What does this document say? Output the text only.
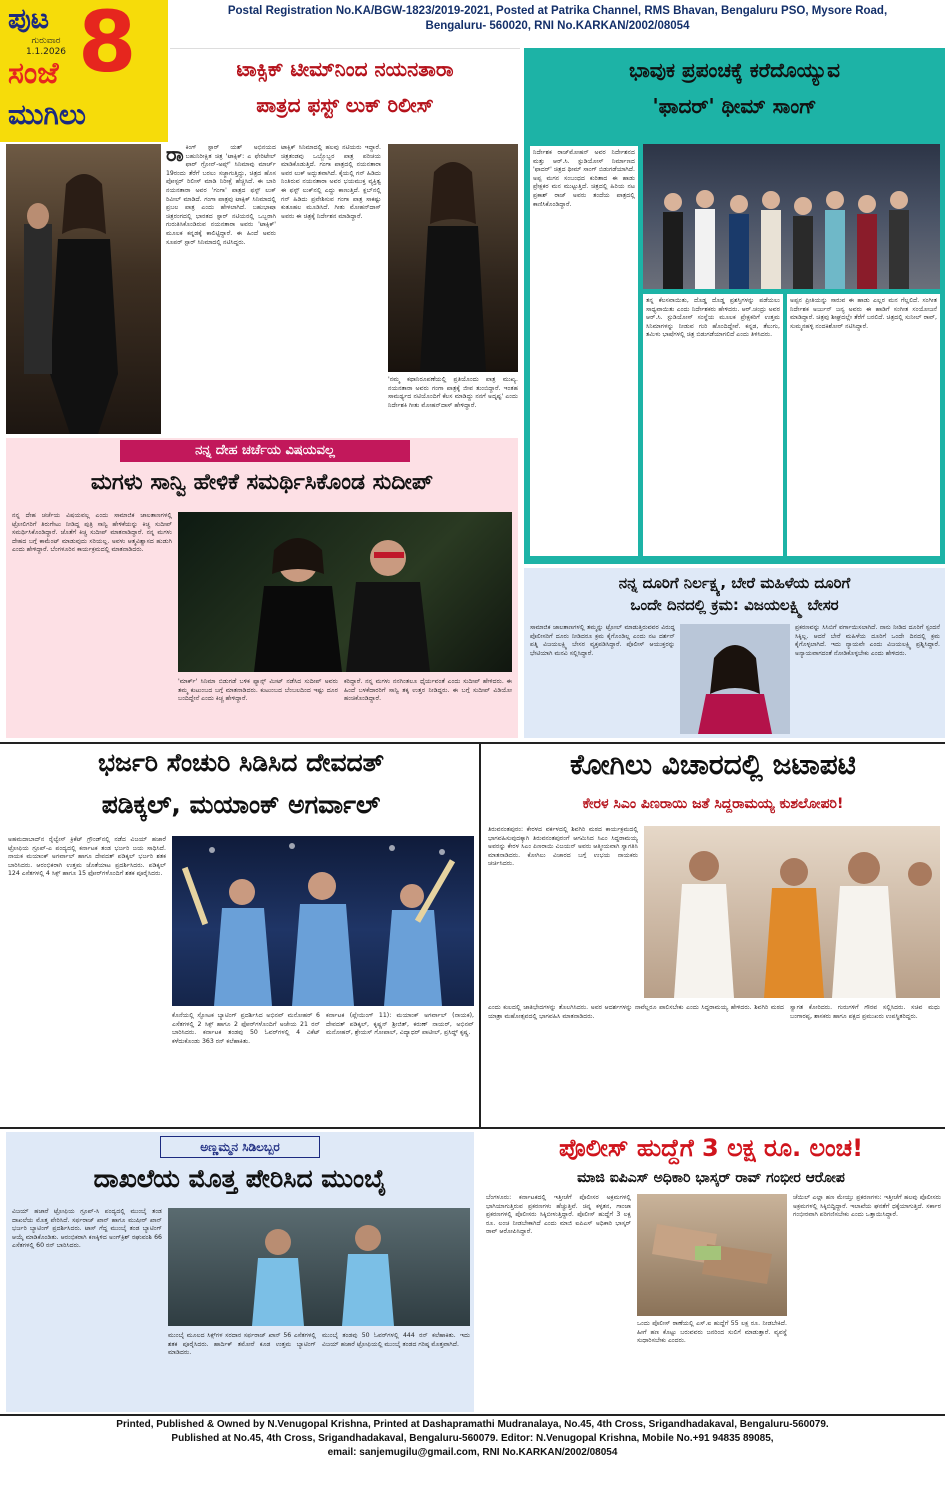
ಪುಟ 8
ಗುರುವಾರ
1.1.2026
ಸಂಜೆ
ಮುಗಿಲು
Postal Registration No.KA/BGW-1823/2019-2021, Posted at Patrika Channel, RMS Bhavan, Bengaluru PSO, Mysore Road,
Bengaluru- 560020, RNI No.KARKAN/2002/08054
ಟಾಕ್ಸಿಕ್ ಟೀಮ್‌ನಿಂದ ನಯನತಾರಾ
ಪಾತ್ರದ ಫಸ್ಟ್ ಲುಕ್ ರಿಲೀಸ್
ರಾ ಕಿಂಗ್ ಸ್ಟಾರ್ ಯಶ್ ಅಭಿನಯದ ಬಹುನಿರೀಕ್ಷಿತ ಚಿತ್ರ 'ಟಾಕ್ಸಿಕ್: ಎ ಫೇರಿಟೇಲ್ ಫಾರ್ ಗ್ರೋನ್-ಅಪ್ಸ್' ಸಿನಿಮಾವು ಮಾರ್ಚ್ 19ರಂದು ತೆರೆಗೆ ಬರಲು ಸಜ್ಜಾಗುತ್ತಿದ್ದು, ಚಿತ್ರದ ಹೊಸ ಪೋಸ್ಟರ್ ರಿಲೀಸ್ ಮಾಡಿ ನಿರೀಕ್ಷೆ ಹೆಚ್ಚಿಸಿದೆ. ಈ ಬಾರಿ ನಯನತಾರಾ ಅವರ 'ಗಂಗಾ' ಪಾತ್ರದ ಫಸ್ಟ್ ಲುಕ್ ರಿವೀಲ್ ಮಾಡಿದೆ. ಗಂಗಾ ಪಾತ್ರವು ಟಾಕ್ಸಿಕ್ ಸಿನಿಮಾದಲ್ಲಿ ಪ್ರಬಲ ಪಾತ್ರ ಎಂದು ಹೇಳಲಾಗಿದೆ. ಬಹುಭಾಷಾ ಚಿತ್ರರಂಗದಲ್ಲಿ ಭಾರತದ ಸ್ಟಾರ್ ನಟಿಯರಲ್ಲಿ ಒಬ್ಬರಾಗಿ ಗುರುತಿಸಿಕೊಂಡಿರುವ ನಯನತಾರಾ ಅವರು 'ಟಾಕ್ಸಿಕ್' ಮೂಲಕ ಕನ್ನಡಕ್ಕೆ ಕಾಲಿಟ್ಟಿದ್ದಾರೆ. ಈ ಹಿಂದೆ ಅವರು ಸೂಪರ್ ಸ್ಟಾರ್ ಸಿನಿಮಾದಲ್ಲಿ ನಟಿಸಿದ್ದರು.
ಟಾಕ್ಸಿಕ್ ಸಿನಿಮಾದಲ್ಲಿ ಹಲವು ನಟಿಯರು ಇದ್ದಾರೆ. ಚಿತ್ರತಂಡವು ಒಬ್ಬೊಬ್ಬರ ಪಾತ್ರ ಪರಿಚಯ ಮಾಡಿಕೊಡುತ್ತಿದೆ. ಗಂಗಾ ಪಾತ್ರದಲ್ಲಿ ನಯನತಾರಾ ಅವರ ಲುಕ್ ಅದ್ಭುತವಾಗಿದೆ. ಕೈಯಲ್ಲಿ ಗನ್ ಹಿಡಿದು ನಿಂತಿರುವ ನಯನತಾರಾ ಅವರ ಭಯಮುಕ್ತ ವ್ಯಕ್ತಿತ್ವ ಈ ಫಸ್ಟ್ ಲುಕ್‌ನಲ್ಲಿ ಎದ್ದು ಕಾಣುತ್ತಿದೆ. ಕ್ಲಬ್‌ನಲ್ಲಿ ಗನ್ ಹಿಡಿದು ಪ್ರವೇಶಿಸುವ ಗಂಗಾ ಪಾತ್ರ ಸಾಕಷ್ಟು ಕುತೂಹಲ ಮೂಡಿಸಿದೆ. ಗೀತು ಮೋಹನ್‌ದಾಸ್ ಅವರು ಈ ಚಿತ್ರಕ್ಕೆ ನಿರ್ದೇಶನ ಮಾಡಿದ್ದಾರೆ.
'ನಮ್ಮ ಕಥಾನಿರೂಪಣೆಯಲ್ಲಿ ಪ್ರತಿಯೊಂದು ಪಾತ್ರ ಮುಖ್ಯ. ನಯನತಾರಾ ಅವರು ಗಂಗಾ ಪಾತ್ರಕ್ಕೆ ಜೀವ ತುಂಬಿದ್ದಾರೆ. ಇಂತಹ ಸಾಮರ್ಥ್ಯದ ನಟಿಯೊಂದಿಗೆ ಕೆಲಸ ಮಾಡಿದ್ದು ನನಗೆ ಅದೃಷ್ಟ' ಎಂದು ನಿರ್ದೇಶಕಿ ಗೀತು ಮೋಹನ್‌ದಾಸ್ ಹೇಳಿದ್ದಾರೆ.
ಭಾವುಕ ಪ್ರಪಂಚಕ್ಕೆ ಕರೆದೊಯ್ಯುವ
'ಫಾದರ್' ಥೀಮ್ ಸಾಂಗ್
ನಿರ್ದೇಶಕ ರಾಜ್‌ಮೋಹನ್ ಅವರ ನಿರ್ದೇಶನದ ಮತ್ತು ಆರ್.ಸಿ. ಸ್ಟುಡಿಯೋಸ್ ನಿರ್ಮಾಣದ 'ಫಾದರ್' ಚಿತ್ರದ ಥೀಮ್ ಸಾಂಗ್ ಬಿಡುಗಡೆಯಾಗಿದೆ. ಅಪ್ಪ ಮಗನ ಸಂಬಂಧದ ಕುರಿತಾದ ಈ ಹಾಡು ಪ್ರೇಕ್ಷಕರ ಮನ ಮುಟ್ಟುತ್ತಿದೆ. ಚಿತ್ರದಲ್ಲಿ ಹಿರಿಯ ನಟ ಪ್ರಕಾಶ್ ರಾಜ್ ಅವರು ತಂದೆಯ ಪಾತ್ರದಲ್ಲಿ ಕಾಣಿಸಿಕೊಂಡಿದ್ದಾರೆ.
ತನ್ನ ಕೆಲಸವಾಯಿತು, ದೊಡ್ಡ ದೊಡ್ಡ ಪ್ರಶಸ್ತಿಗಳನ್ನು ಪಡೆಯಲು ಸಾಧ್ಯವಾಯಿತು ಎಂದು ನಿರ್ದೇಶಕರು ಹೇಳಿದರು. ಆರ್.ಚಂದ್ರು ಅವರ ಆರ್.ಸಿ. ಸ್ಟುಡಿಯೋಸ್ ಸಂಸ್ಥೆಯ ಮೂಲಕ ಪ್ರೇಕ್ಷಕರಿಗೆ ಉತ್ತಮ ಸಿನಿಮಾಗಳನ್ನು ನೀಡುವ ಗುರಿ ಹೊಂದಿದ್ದೇವೆ. ಕನ್ನಡ, ತೆಲುಗು, ತಮಿಳು ಭಾಷೆಗಳಲ್ಲಿ ಚಿತ್ರ ಬಿಡುಗಡೆಯಾಗಲಿದೆ ಎಂದು ತಿಳಿಸಿದರು.
ಅಪ್ಪನ ಪ್ರೀತಿಯನ್ನು ಸಾರುವ ಈ ಹಾಡು ಎಲ್ಲರ ಮನ ಗೆಲ್ಲಲಿದೆ. ಸಂಗೀತ ನಿರ್ದೇಶಕ ಅರ್ಜುನ್ ಜನ್ಯ ಅವರು ಈ ಹಾಡಿಗೆ ಸಂಗೀತ ಸಂಯೋಜನೆ ಮಾಡಿದ್ದಾರೆ. ಚಿತ್ರವು ಶೀಘ್ರದಲ್ಲೇ ತೆರೆಗೆ ಬರಲಿದೆ. ಚಿತ್ರದಲ್ಲಿ ಸುನೀಲ್ ರಾವ್, ಸುಮ್ಮನಹಳ್ಳಿ ನಂದಕಿಶೋರ್ ನಟಿಸಿದ್ದಾರೆ.
ನನ್ನ ದೇಹ ಚರ್ಚೆಯ ವಿಷಯವಲ್ಲ
ಮಗಳು ಸಾನ್ವಿ ಹೇಳಿಕೆ ಸಮರ್ಥಿಸಿಕೊಂಡ ಸುದೀಪ್
ನನ್ನ ದೇಹ ಚರ್ಚೆಯ ವಿಷಯವಲ್ಲ ಎಂದು ಸಾಮಾಜಿಕ ಜಾಲತಾಣಗಳಲ್ಲಿ ಟ್ರೋಲಿಗರಿಗೆ ತಿರುಗೇಟು ನೀಡಿದ್ದ ಪುತ್ರಿ ಸಾನ್ವಿ ಹೇಳಿಕೆಯನ್ನು ಕಿಚ್ಚ ಸುದೀಪ್ ಸಮರ್ಥಿಸಿಕೊಂಡಿದ್ದಾರೆ. ಜೊತೆಗೆ ಕಿಚ್ಚ ಸುದೀಪ್ ಮಾತನಾಡಿದ್ದಾರೆ. ನನ್ನ ಮಗಳು ದೇಹದ ಬಗ್ಗೆ ಕಾಮೆಂಟ್ ಮಾಡುವುದು ಸರಿಯಲ್ಲ. ಅವಳು ಆತ್ಮವಿಶ್ವಾಸದ ಹುಡುಗಿ ಎಂದು ಹೇಳಿದ್ದಾರೆ. ಬೆಂಗಳೂರಿನ ಕಾರ್ಯಕ್ರಮದಲ್ಲಿ ಮಾತನಾಡಿದರು.
'ಮಾರ್ಕ್' ಸಿನಿಮಾ ಬಿಡುಗಡೆ ಬಳಿಕ ಫ್ಯಾನ್ಸ್ ಮೀಟ್ ನಡೆಸಿದ ಸುದೀಪ್ ಅವರು ತಮ್ಮ ಕುಟುಂಬದ ಬಗ್ಗೆ ಮಾತನಾಡಿದರು. ಕುಟುಂಬದ ಬೆಂಬಲದಿಂದ ಇಷ್ಟು ದೂರ ಬಂದಿದ್ದೇನೆ ಎಂದು ಕಿಚ್ಚ ಹೇಳಿದ್ದಾರೆ.
ಕರಿದ್ದಾರೆ. ನನ್ನ ಮಗಳು ನನಗಿಂತಲೂ ಧೈರ್ಯವಂತೆ ಎಂದು ಸುದೀಪ್ ಹೇಳಿದರು. ಈ ಹಿಂದೆ ಬಳಕೆದಾರರಿಗೆ ಸಾನ್ವಿ ತಕ್ಕ ಉತ್ತರ ನೀಡಿದ್ದರು. ಈ ಬಗ್ಗೆ ಸುದೀಪ್ ವಿಡಿಯೋ ಹಂಚಿಕೊಂಡಿದ್ದಾರೆ.
ನನ್ನ ದೂರಿಗೆ ನಿರ್ಲಕ್ಷ್ಯ, ಬೇರೆ ಮಹಿಳೆಯ ದೂರಿಗೆ
ಒಂದೇ ದಿನದಲ್ಲಿ ಕ್ರಮ: ವಿಜಯಲಕ್ಷ್ಮಿ ಬೇಸರ
ಸಾಮಾಜಿಕ ಜಾಲತಾಣಗಳಲ್ಲಿ ತಮ್ಮನ್ನು ಟ್ರೋಲ್ ಮಾಡುತ್ತಿರುವವರ ವಿರುದ್ಧ ಪೊಲೀಸರಿಗೆ ದೂರು ನೀಡಿದರೂ ಕ್ರಮ ಕೈಗೊಂಡಿಲ್ಲ ಎಂದು ನಟ ದರ್ಶನ್ ಪತ್ನಿ ವಿಜಯಲಕ್ಷ್ಮಿ ಬೇಸರ ವ್ಯಕ್ತಪಡಿಸಿದ್ದಾರೆ. ಪೊಲೀಸ್ ಆಯುಕ್ತರನ್ನು ಭೇಟಿಯಾಗಿ ಮನವಿ ಸಲ್ಲಿಸಿದ್ದಾರೆ.
ಪ್ರಕರಣವನ್ನು ಸಿಸಿಬಿಗೆ ವರ್ಗಾಯಿಸಲಾಗಿದೆ. ನಾನು ನೀಡಿದ ದೂರಿಗೆ ಸ್ಪಂದನೆ ಸಿಕ್ಕಿಲ್ಲ. ಆದರೆ ಬೇರೆ ಮಹಿಳೆಯ ದೂರಿಗೆ ಒಂದೇ ದಿನದಲ್ಲಿ ಕ್ರಮ ಕೈಗೊಳ್ಳಲಾಗಿದೆ. ಇದು ನ್ಯಾಯವೇ ಎಂದು ವಿಜಯಲಕ್ಷ್ಮಿ ಪ್ರಶ್ನಿಸಿದ್ದಾರೆ. ಅನ್ಯಾಯವಾಗದಂತೆ ನೋಡಿಕೊಳ್ಳಬೇಕು ಎಂದು ಹೇಳಿದರು.
ಭರ್ಜರಿ ಸೆಂಚುರಿ ಸಿಡಿಸಿದ ದೇವದತ್
ಪಡಿಕ್ಕಲ್, ಮಯಾಂಕ್ ಅಗರ್ವಾಲ್
ಅಹಮದಾಬಾದ್‌ನ ರೈಲ್ವೇಸ್ ಕ್ರಿಕೆಟ್ ಗ್ರೌಂಡ್‌ನಲ್ಲಿ ನಡೆದ ವಿಜಯ್ ಹಜಾರೆ ಟ್ರೋಫಿಯ ಗ್ರೂಪ್-ಎ ಪಂದ್ಯದಲ್ಲಿ ಕರ್ನಾಟಕ ತಂಡ ಭರ್ಜರಿ ಜಯ ಸಾಧಿಸಿದೆ. ನಾಯಕ ಮಯಾಂಕ್ ಅಗರ್ವಾಲ್ ಹಾಗೂ ದೇವದತ್ ಪಡಿಕ್ಕಲ್ ಭರ್ಜರಿ ಶತಕ ಬಾರಿಸಿದರು. ಆರಂಭಿಕರಾಗಿ ಉತ್ತಮ ಜೊತೆಯಾಟ ಪ್ರದರ್ಶಿಸಿದರು. ಪಡಿಕ್ಕಲ್ 124 ಎಸೆತಗಳಲ್ಲಿ 4 ಸಿಕ್ಸ್ ಹಾಗೂ 15 ಫೋರ್‌ಗಳೊಂದಿಗೆ ಶತಕ ಪೂರೈಸಿದರು.
ಕೊನೆಯಲ್ಲಿ ಸ್ಫೋಟಕ ಬ್ಯಾಟಿಂಗ್ ಪ್ರದರ್ಶಿಸಿದ ಅಭಿನವ್ ಮನೋಹರ್ 6 ಎಸೆತಗಳಲ್ಲಿ 2 ಸಿಕ್ಸ್ ಹಾಗೂ 2 ಫೋರ್‌ಗಳೊಂದಿಗೆ ಅಜೇಯ 21 ರನ್ ಬಾರಿಸಿದರು. ಕರ್ನಾಟಕ ತಂಡವು 50 ಓವರ್‌ಗಳಲ್ಲಿ 4 ವಿಕೆಟ್ ಕಳೆದುಕೊಂಡು 363 ರನ್ ಕಲೆಹಾಕಿತು.
ಕರ್ನಾಟಕ (ಪ್ಲೇಯಿಂಗ್ 11): ಮಯಾಂಕ್ ಅಗರ್ವಾಲ್ (ನಾಯಕ), ದೇವದತ್ ಪಡಿಕ್ಕಲ್, ಕೃಷ್ಣನ್ ಶ್ರೀಜಿತ್, ಕರುಣ್ ನಾಯರ್, ಅಭಿನವ್ ಮನೋಹರ್, ಶ್ರೇಯಸ್ ಗೋಪಾಲ್, ವಿದ್ಯಾಧರ್ ಪಾಟೀಲ್, ಪ್ರಸಿದ್ಧ್ ಕೃಷ್ಣ.
ಕೋಗಿಲು ವಿಚಾರದಲ್ಲಿ ಜಟಾಪಟಿ
ಕೇರಳ ಸಿಎಂ ಪಿಣರಾಯಿ ಜತೆ ಸಿದ್ದರಾಮಯ್ಯ ಕುಶಲೋಪರಿ!
ತಿರುವನಂತಪುರಂ: ಕೇರಳದ ವರ್ಕಳದಲ್ಲಿ ಶಿವಗಿರಿ ಮಠದ ಕಾರ್ಯಕ್ರಮದಲ್ಲಿ ಭಾಗವಹಿಸುವುದಕ್ಕಾಗಿ ತಿರುವನಂತಪುರಂಗೆ ಆಗಮಿಸಿದ ಸಿಎಂ ಸಿದ್ದರಾಮಯ್ಯ ಅವರನ್ನು ಕೇರಳ ಸಿಎಂ ಪಿಣರಾಯಿ ವಿಜಯನ್ ಅವರು ಆತ್ಮೀಯವಾಗಿ ಸ್ವಾಗತಿಸಿ ಮಾತನಾಡಿದರು. ಕೋಗಿಲು ವಿಚಾರದ ಬಗ್ಗೆ ಉಭಯ ನಾಯಕರು ಚರ್ಚಿಸಿದರು.
ಎಂದು ಕುಲದಲ್ಲಿ ಜಾತಿಭೇದಗಳನ್ನು ತೊಲಗಿಸಿದರು. ಅವರ ಆದರ್ಶಗಳನ್ನು ನಾವೆಲ್ಲರೂ ಪಾಲಿಸಬೇಕು ಎಂದು ಸಿದ್ದರಾಮಯ್ಯ ಹೇಳಿದರು. ಶಿವಗಿರಿ ಮಠದ ಯಾತ್ರಾ ಮಹೋತ್ಸವದಲ್ಲಿ ಭಾಗವಹಿಸಿ ಮಾತನಾಡಿದರು.
ಸ್ವಾಗತ ಕೋರಿದರು. ಗುರುಗಳಿಗೆ ಗೌರವ ಸಲ್ಲಿಸಿದರು. ಸಚಿವ ಮಧು ಬಂಗಾರಪ್ಪ, ಶಾಸಕರು ಹಾಗೂ ಪಕ್ಷದ ಪ್ರಮುಖರು ಉಪಸ್ಥಿತರಿದ್ದರು.
ಅಣ್ಣಮ್ಮನ ಸಿಡಿಲಬ್ಬರ
ದಾಖಲೆಯ ಮೊತ್ತ ಪೇರಿಸಿದ ಮುಂಬೈ
ವಿಜಯ್ ಹಜಾರೆ ಟ್ರೋಫಿಯ ಗ್ರೂಪ್-ಸಿ ಪಂದ್ಯದಲ್ಲಿ ಮುಂಬೈ ತಂಡ ದಾಖಲೆಯ ಮೊತ್ತ ಪೇರಿಸಿದೆ. ಸರ್ಫರಾಜ್ ಖಾನ್ ಹಾಗೂ ಮುಷೀರ್ ಖಾನ್ ಭರ್ಜರಿ ಬ್ಯಾಟಿಂಗ್ ಪ್ರದರ್ಶಿಸಿದರು. ಟಾಸ್ ಗೆದ್ದ ಮುಂಬೈ ತಂಡ ಬ್ಯಾಟಿಂಗ್ ಆಯ್ಕೆ ಮಾಡಿಕೊಂಡಿತು. ಆರಂಭಿಕರಾಗಿ ಕಣಕ್ಕಿಳಿದ ಅಂಗ್‌ಕ್ರಿಶ್ ರಘುವಂಶಿ 66 ಎಸೆತಗಳಲ್ಲಿ 60 ರನ್ ಬಾರಿಸಿದರು.
ಮುಂಬೈ ಮೂಲದ ಸಿಕ್ಸ್‌ಗಳ ಸರದಾರ ಸರ್ಫರಾಜ್ ಖಾನ್ 56 ಎಸೆತಗಳಲ್ಲಿ ಶತಕ ಪೂರೈಸಿದರು. ಹಾರ್ದಿಕ್ ತಮೋರೆ ಕೂಡ ಉತ್ತಮ ಬ್ಯಾಟಿಂಗ್ ಮಾಡಿದರು.
ಮುಂಬೈ ತಂಡವು 50 ಓವರ್‌ಗಳಲ್ಲಿ 444 ರನ್ ಕಲೆಹಾಕಿತು. ಇದು ವಿಜಯ್ ಹಜಾರೆ ಟ್ರೋಫಿಯಲ್ಲಿ ಮುಂಬೈ ತಂಡದ ಗರಿಷ್ಠ ಮೊತ್ತವಾಗಿದೆ.
ಪೊಲೀಸ್ ಹುದ್ದೆಗೆ 3 ಲಕ್ಷ ರೂ. ಲಂಚ!
ಮಾಜಿ ಐಪಿಎಸ್ ಅಧಿಕಾರಿ ಭಾಸ್ಕರ್ ರಾವ್ ಗಂಭೀರ ಆರೋಪ
ಬೆಂಗಳೂರು: ಕರ್ನಾಟಕದಲ್ಲಿ ಇತ್ತೀಚೆಗೆ ಪೊಲೀಸರ ಅಕ್ರಮಗಳಲ್ಲಿ ಭಾಗಿಯಾಗುತ್ತಿರುವ ಪ್ರಕರಣಗಳು ಹೆಚ್ಚುತ್ತಿವೆ. ಚಿನ್ನ ಕಳ್ಳತನ, ಗಾಂಜಾ ಪ್ರಕರಣಗಳಲ್ಲಿ ಪೊಲೀಸರು ಸಿಕ್ಕಿಬೀಳುತ್ತಿದ್ದಾರೆ. ಪೊಲೀಸ್ ಹುದ್ದೆಗೆ 3 ಲಕ್ಷ ರೂ. ಲಂಚ ನೀಡಬೇಕಾಗಿದೆ ಎಂದು ಮಾಜಿ ಐಪಿಎಸ್ ಅಧಿಕಾರಿ ಭಾಸ್ಕರ್ ರಾವ್ ಆರೋಪಿಸಿದ್ದಾರೆ.
ಒಂದು ಪೊಲೀಸ್ ಠಾಣೆಯಲ್ಲಿ ಎಸ್.ಐ ಹುದ್ದೆಗೆ 55 ಲಕ್ಷ ರೂ. ನೀಡಬೇಕಿದೆ. ಹೀಗೆ ಹಣ ಕೊಟ್ಟು ಬರುವವರು ಜನರಿಂದ ಸುಲಿಗೆ ಮಾಡುತ್ತಾರೆ. ವ್ಯವಸ್ಥೆ ಸುಧಾರಿಸಬೇಕು ಎಂದರು.
ಚೆಯಿಲ್ ಎಲ್ಲಾ ಹಣ ಮೇಯ್ತು ಪ್ರಕರಣಗಳು: ಇತ್ತೀಚೆಗೆ ಹಲವು ಪೊಲೀಸರು ಅಕ್ರಮಗಳಲ್ಲಿ ಸಿಕ್ಕಿಬಿದ್ದಿದ್ದಾರೆ. ಇಲಾಖೆಯ ಘನತೆಗೆ ಧಕ್ಕೆಯಾಗುತ್ತಿದೆ. ಸರ್ಕಾರ ಗಂಭೀರವಾಗಿ ಪರಿಗಣಿಸಬೇಕು ಎಂದು ಒತ್ತಾಯಿಸಿದ್ದಾರೆ.
Printed, Published & Owned by N.Venugopal Krishna, Printed at Dashapramathi Mudranalaya, No.45, 4th Cross, Srigandhadakaval, Bengaluru-560079.
Published at No.45, 4th Cross, Srigandhadakaval, Bengaluru-560079. Editor: N.Venugopal Krishna, Mobile No.+91 94835 89085,
email: sanjemugilu@gmail.com, RNI No.KARKAN/2002/08054
